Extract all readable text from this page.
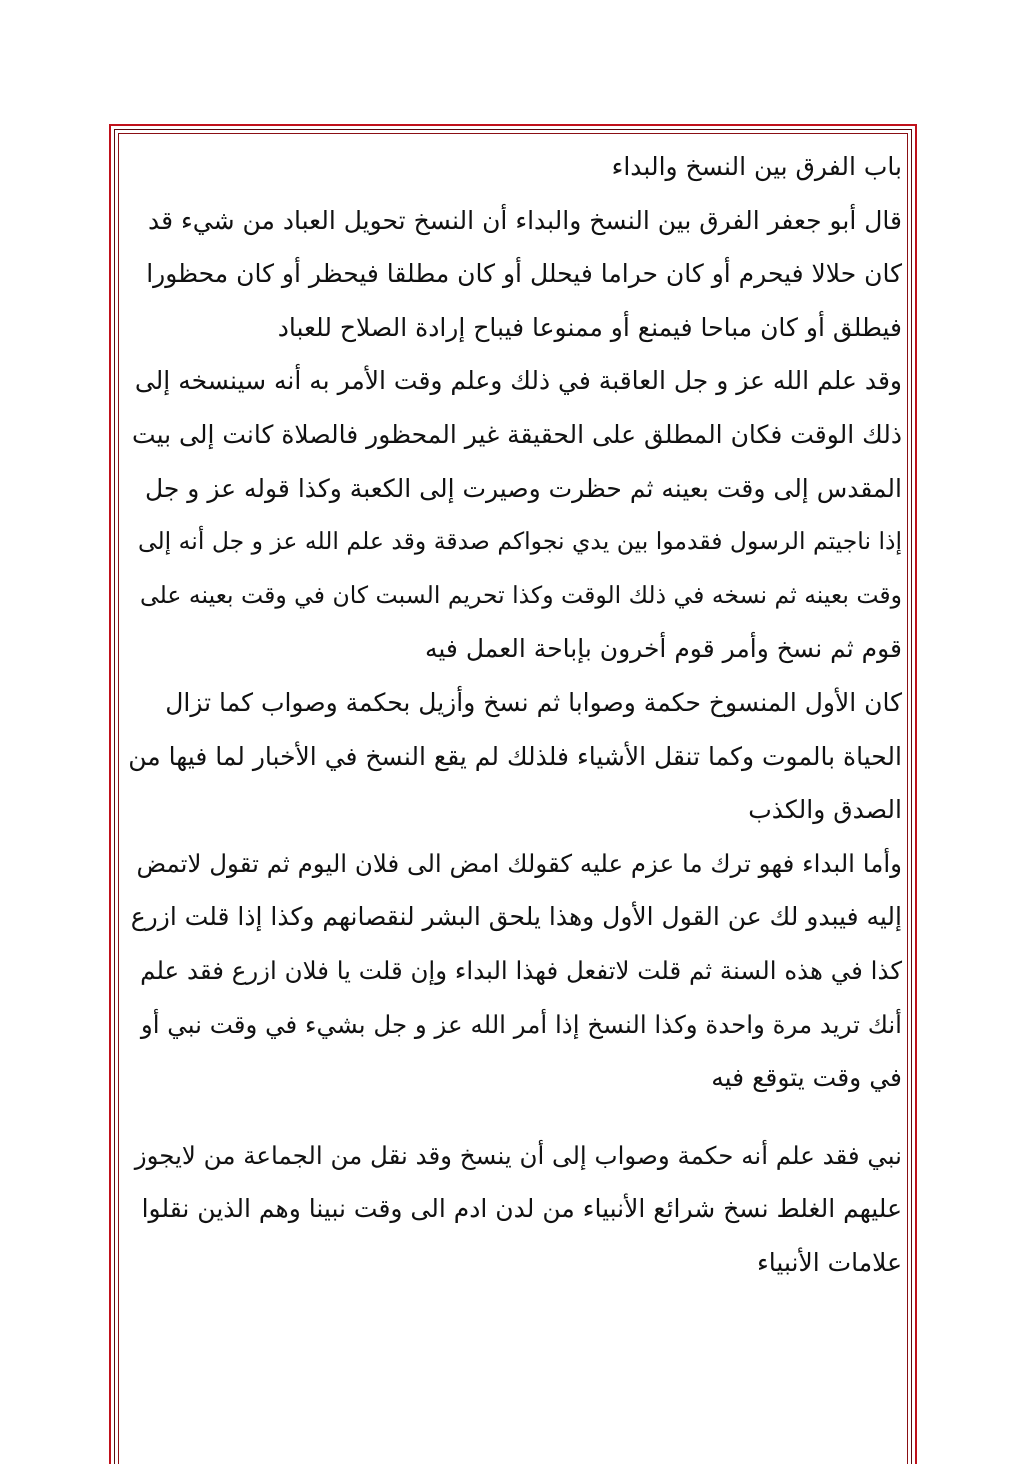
باب الفرق بين النسخ والبداء
قال أبو جعفر الفرق بين النسخ والبداء أن النسخ تحويل العباد من شيء قد
كان حلالا فيحرم أو كان حراما فيحلل أو كان مطلقا فيحظر أو كان محظورا
فيطلق أو كان مباحا فيمنع أو ممنوعا فيباح إرادة الصلاح للعباد
وقد علم الله عز و جل العاقبة في ذلك وعلم وقت الأمر به أنه سينسخه إلى
ذلك الوقت فكان المطلق على الحقيقة غير المحظور فالصلاة كانت إلى بيت
المقدس إلى وقت بعينه ثم حظرت وصيرت إلى الكعبة وكذا قوله عز و جل
إذا ناجيتم الرسول فقدموا بين يدي نجواكم صدقة وقد علم الله عز و جل أنه إلى
وقت بعينه ثم نسخه في ذلك الوقت وكذا تحريم السبت كان في وقت بعينه على
قوم ثم نسخ وأمر قوم أخرون بإباحة العمل فيه
كان الأول المنسوخ حكمة وصوابا ثم نسخ وأزيل بحكمة وصواب كما تزال
الحياة بالموت وكما تنقل الأشياء فلذلك لم يقع النسخ في الأخبار لما فيها من
الصدق والكذب
وأما البداء فهو ترك ما عزم عليه كقولك امض الى فلان اليوم ثم تقول لاتمض
إليه فيبدو لك عن القول الأول وهذا يلحق البشر لنقصانهم وكذا إذا قلت ازرع
كذا في هذه السنة ثم قلت لاتفعل فهذا البداء وإن قلت يا فلان ازرع فقد علم
أنك تريد مرة واحدة وكذا النسخ إذا أمر الله عز و جل بشيء في وقت نبي أو
في وقت يتوقع فيه
نبي فقد علم أنه حكمة وصواب إلى أن ينسخ وقد نقل من الجماعة من لايجوز
عليهم الغلط نسخ شرائع الأنبياء من لدن ادم الى وقت نبينا وهم الذين نقلوا
علامات الأنبياء
